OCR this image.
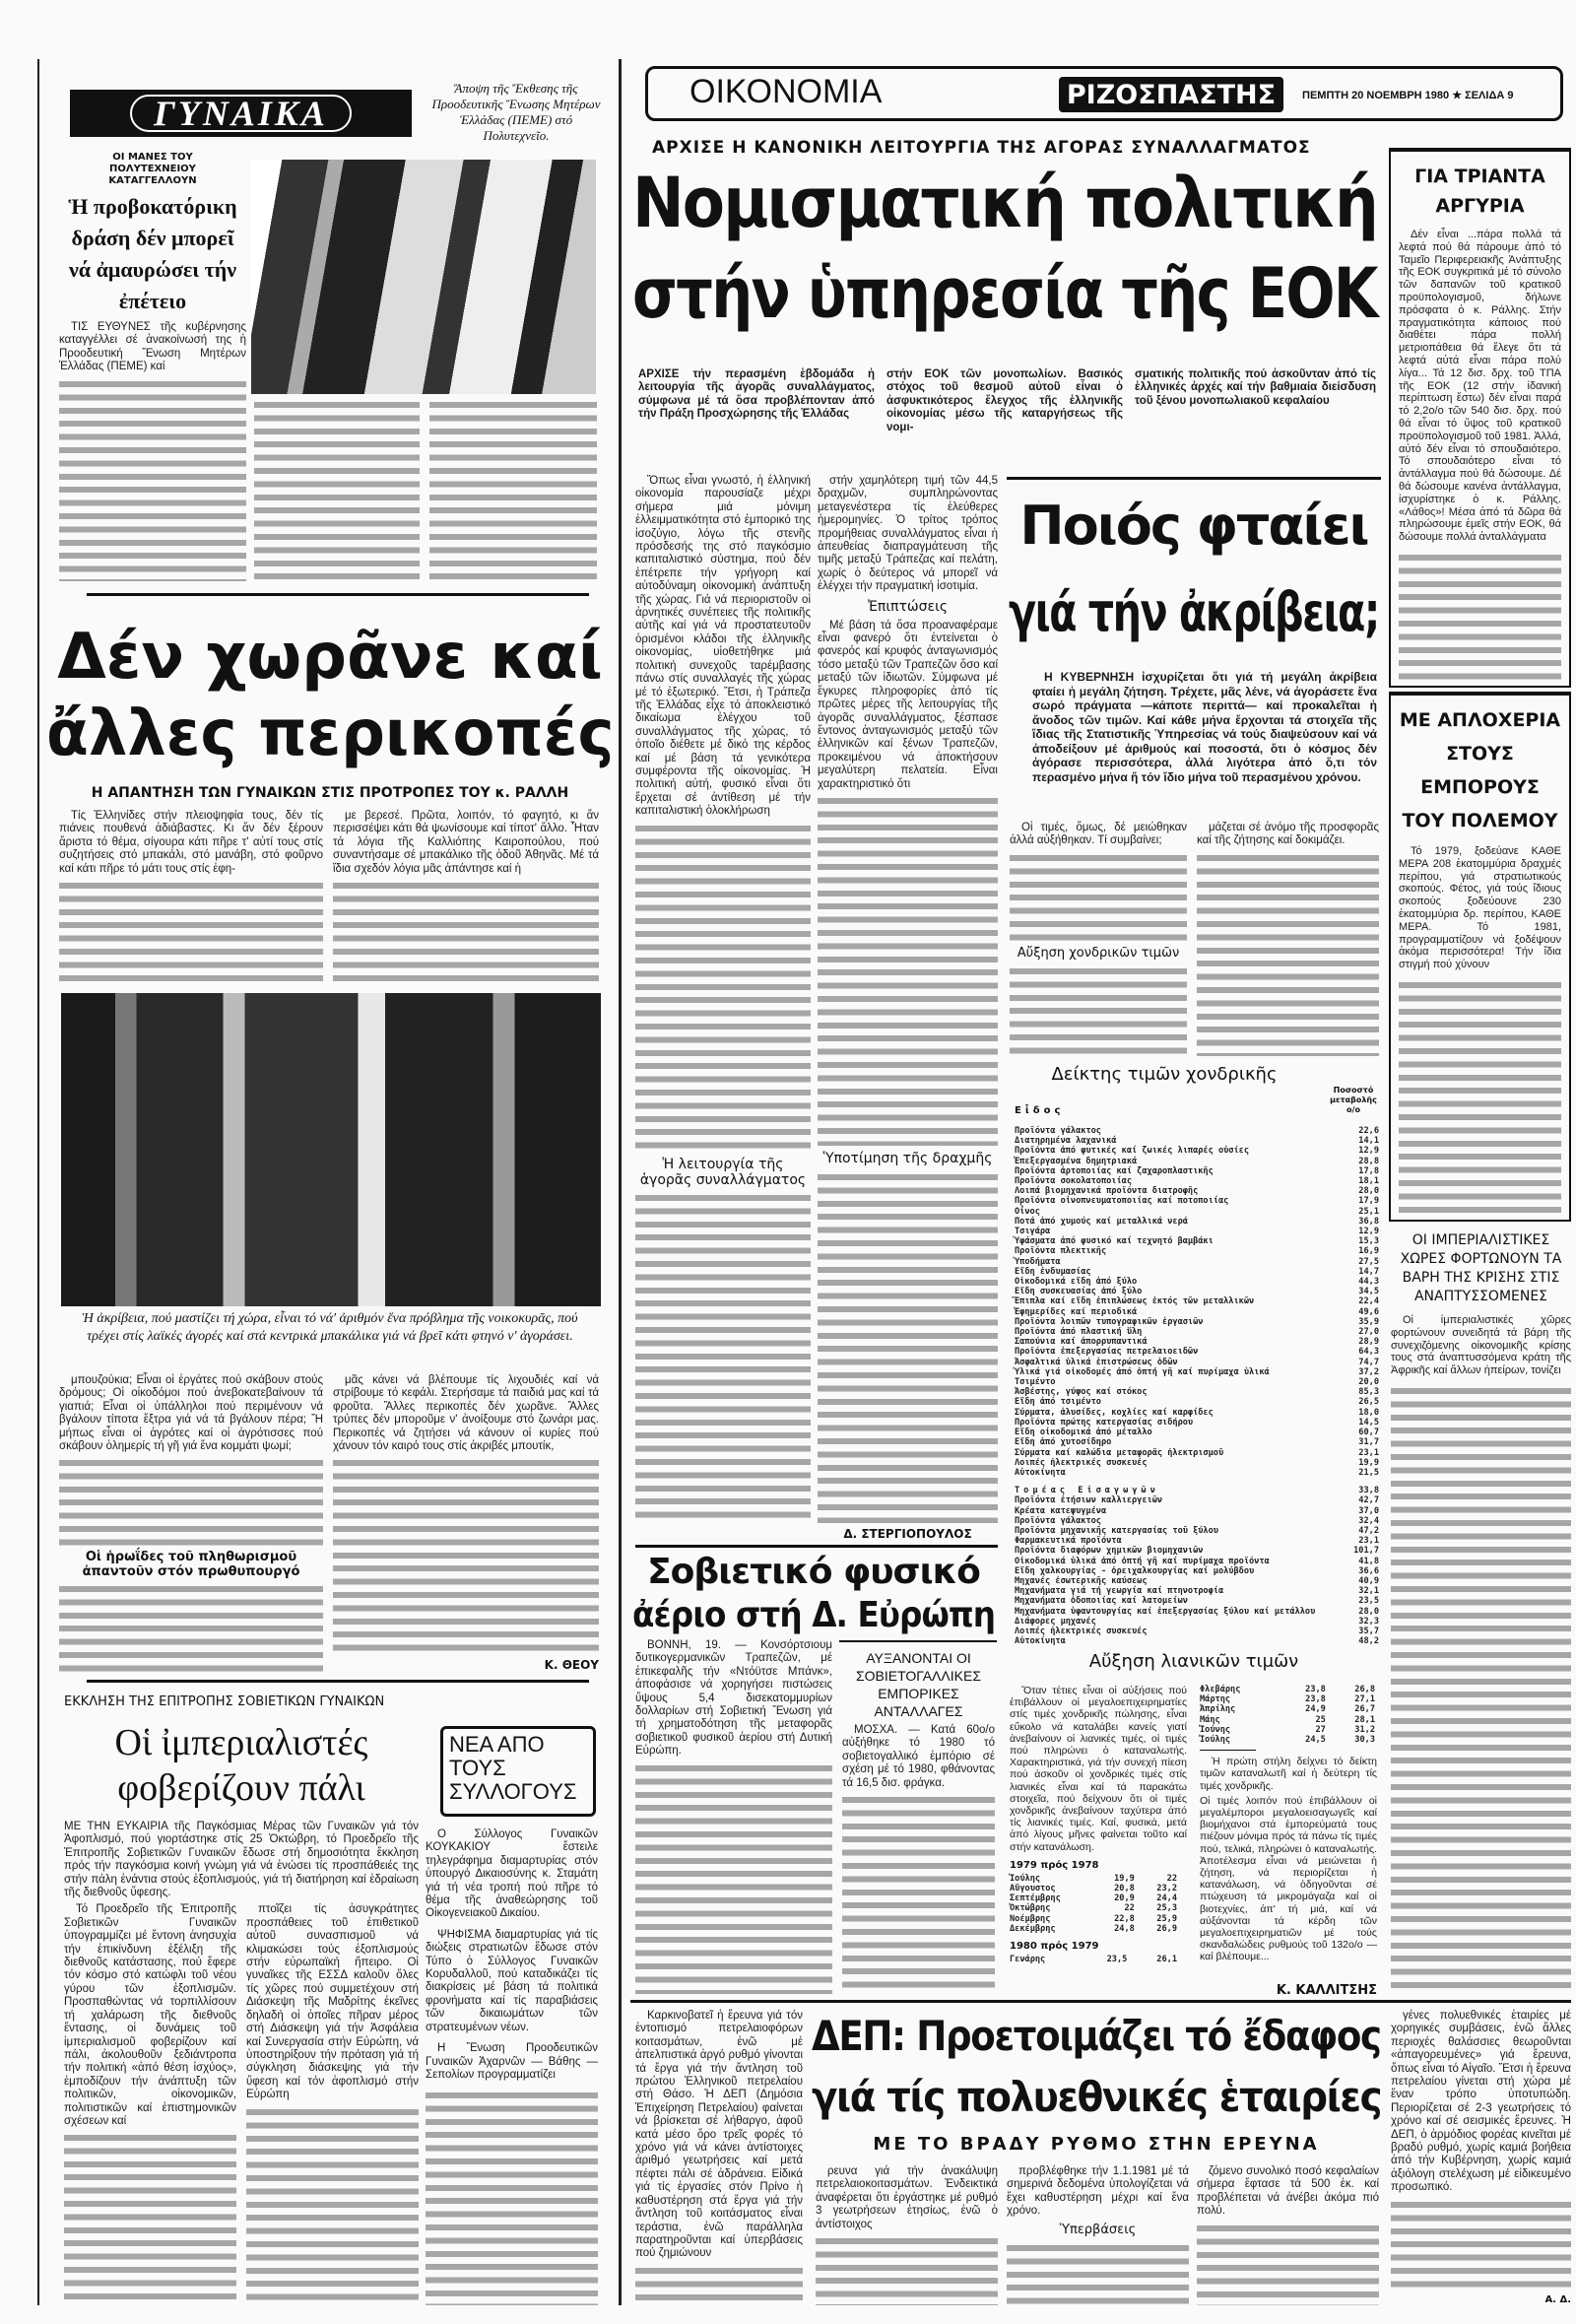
ΓΥΝΑΙΚΑ
Ἄποψη τῆς Ἔκθεσης τῆς Προοδευτικῆς Ἕνωσης Μητέρων Ἑλλάδας (ΠΕΜΕ) στό Πολυτεχνεῖο.
ΟΙ ΜΑΝΕΣ ΤΟΥ ΠΟΛΥΤΕΧΝΕΙΟΥ ΚΑΤΑΓΓΕΛΛΟΥΝ
Ἡ προβοκατόρικη δράση δέν μπορεῖ νά ἀμαυρώσει τήν ἐπέτειο
ΤΙΣ ΕΥΘΥΝΕΣ τῆς κυβέρνησης καταγγέλλει σέ ἀνακοίνωσή της ἡ Προοδευτική Ἕνωση Μητέρων Ἑλλάδας (ΠΕΜΕ) καί
Δέν χωρᾶνε καί
ἄλλες περικοπές
Η ΑΠΑΝΤΗΣΗ ΤΩΝ ΓΥΝΑΙΚΩΝ ΣΤΙΣ ΠΡΟΤΡΟΠΕΣ ΤΟΥ κ. ΡΑΛΛΗ
Τίς Ἑλληνίδες στήν πλειοψηφία τους, δέν τίς πιάνεις πουθενά ἀδιάβαστες. Κι ἄν δέν ξέρουν ἄριστα τό θέμα, σίγουρα κάτι πῆρε τ' αὐτί τους στίς συζητήσεις στό μπακάλι, στό μανάβη, στό φοῦρνο καί κάτι πῆρε τό μάτι τους στίς ἐφη-
με βερεσέ. Πρῶτα, λοιπόν, τό φαγητό, κι ἄν περισσέψει κάτι θά ψωνίσουμε καί τίποτ' ἄλλο. Ἦταν τά λόγια τῆς Καλλιόπης Καιροπούλου, πού συναντήσαμε σέ μπακάλικο τῆς ὁδοῦ Ἀθηνᾶς. Μέ τά ἴδια σχεδόν λόγια μᾶς ἀπάντησε καί ἡ
Ἡ ἀκρίβεια, πού μαστίζει τή χώρα, εἶναι τό νά' ἀριθμόν ἕνα πρόβλημα τῆς νοικοκυρᾶς, πού τρέχει στίς λαϊκές ἀγορές καί στά κεντρικά μπακάλικα γιά νά βρεῖ κάτι φτηνό ν' ἀγοράσει.
μπουζούκια; Εἶναι οἱ ἐργάτες πού σκάβουν στούς δρόμους; Οἱ οἰκοδόμοι πού ἀνεβοκατεβαίνουν τά γιαπιά; Εἶναι οἱ ὑπάλληλοι πού περιμένουν νά βγάλουν τίποτα ἔξτρα γιά νά τά βγάλουν πέρα; Ἤ μήπως εἶναι οἱ ἀγρότες καί οἱ ἀγρότισσες πού σκάβουν ὁλημερίς τή γῆ γιά ἕνα κομμάτι ψωμί;
Οἱ ἡρωΐδες τοῦ πληθωρισμοῦ ἀπαντοῦν στόν πρωθυπουργό
μᾶς κάνει νά βλέπουμε τίς λιχουδιές καί νά στρίβουμε τό κεφάλι. Στερήσαμε τά παιδιά μας καί τά φροῦτα. Ἄλλες περικοπές δέν χωρᾶνε. Ἄλλες τρύπες δέν μποροῦμε ν' ἀνοίξουμε στό ζωνάρι μας. Περικοπές νά ζητήσει νά κάνουν οἱ κυρίες πού χάνουν τόν καιρό τους στίς ἀκριβές μπουτίκ,
Κ. ΘΕΟΥ
ΕΚΚΛΗΣΗ ΤΗΣ ΕΠΙΤΡΟΠΗΣ ΣΟΒΙΕΤΙΚΩΝ ΓΥΝΑΙΚΩΝ
Οἱ ἰμπεριαλιστές φοβερίζουν πάλι
ΜΕ ΤΗΝ ΕΥΚΑΙΡΙΑ τῆς Παγκόσμιας Μέρας τῶν Γυναικῶν γιά τόν Ἀφοπλισμό, πού γιορτάστηκε στίς 25 Ὀκτώβρη, τό Προεδρεῖο τῆς Ἐπιτροπῆς Σοβιετικῶν Γυναικῶν ἔδωσε στή δημοσιότητα ἔκκληση πρός τήν παγκόσμια κοινή γνώμη γιά νά ἑνώσει τίς προσπάθειές της στήν πάλη ἐνάντια στούς ἐξοπλισμούς, γιά τή διατήρηση καί ἑδραίωση τῆς διεθνοῦς ὕφεσης.
Τό Προεδρεῖο τῆς Ἐπιτροπῆς Σοβιετικῶν Γυναικῶν ὑπογραμμίζει μέ ἔντονη ἀνησυχία τήν ἐπικίνδυνη ἐξέλιξη τῆς διεθνοῦς κατάστασης, πού ἔφερε τόν κόσμο στό κατώφλι τοῦ νέου γύρου τῶν ἐξοπλισμῶν. Προσπαθώντας νά τορπιλλίσουν τή χαλάρωση τῆς διεθνοῦς ἔντασης, οἱ δυνάμεις τοῦ ἰμπεριαλισμοῦ φοβερίζουν καί πάλι, ἀκολουθοῦν ξεδιάντροπα τήν πολιτική «ἀπό θέση ἰσχύος», ἐμποδίζουν τήν ἀνάπτυξη τῶν πολιτικῶν, οἰκονομικῶν, πολιτιστικῶν καί ἐπιστημονικῶν σχέσεων καί
πτοῖζει τίς ἀσυγκράτητες προσπάθειες τοῦ ἐπιθετικοῦ αὐτοῦ συνασπισμοῦ νά κλιμακώσει τούς ἐξοπλισμούς στήν εὐρωπαϊκή ἤπειρο. Οἱ γυναῖκες τῆς ΕΣΣΔ καλοῦν ὅλες τίς χῶρες πού συμμετέχουν στή Διάσκεψη τῆς Μαδρίτης ἐκεῖνες δηλαδή οἱ ὁποῖες πῆραν μέρος στή Διάσκεψη γιά τήν Ἀσφάλεια καί Συνεργασία στήν Εὐρώπη, νά ὑποστηρίξουν τήν πρόταση γιά τή σύγκληση διάσκεψης γιά τήν ὕφεση καί τόν ἀφοπλισμό στήν Εὐρώπη
ΝΕΑ ΑΠΟ ΤΟΥΣ ΣΥΛΛΟΓΟΥΣ
Ο Σύλλογος Γυναικῶν ΚΟΥΚΑΚΙΟΥ ἔστειλε τηλεγράφημα διαμαρτυρίας στόν ὑπουργό Δικαιοσύνης κ. Σταμάτη γιά τή νέα τροπή πού πῆρε τό θέμα τῆς ἀναθεώρησης τοῦ Οἰκογενειακοῦ Δικαίου.
ΨΗΦΙΣΜΑ διαμαρτυρίας γιά τίς διώξεις στρατιωτῶν ἔδωσε στόν Τύπο ὁ Σύλλογος Γυναικῶν Κορυδαλλοῦ, πού καταδικάζει τίς διακρίσεις μέ βάση τά πολιτικά φρονήματα καί τίς παραβιάσεις τῶν δικαιωμάτων τῶν στρατευμένων νέων.
Η Ἕνωση Προοδευτικῶν Γυναικῶν Ἀχαρνῶν — Βάθης — Σεπολίων προγραμματίζει
ΟΙΚΟΝΟΜΙΑ	ΡΙΖΟΣΠΑΣΤΗΣ ΠΕΜΠΤΗ 20 ΝΟΕΜΒΡΗ 1980 ★ ΣΕΛΙΔΑ 9
ΑΡΧΙΣΕ Η ΚΑΝΟΝΙΚΗ ΛΕΙΤΟΥΡΓΙΑ ΤΗΣ ΑΓΟΡΑΣ ΣΥΝΑΛΛΑΓΜΑΤΟΣ
Νομισματική πολιτική
στήν ὑπηρεσία τῆς ΕΟΚ
ΑΡΧΙΣΕ τήν περασμένη ἑβδομάδα ἡ λειτουργία τῆς ἀγορᾶς συναλλάγματος, σύμφωνα μέ τά ὅσα προβλέπονταν ἀπό τήν Πράξη Προσχώρησης τῆς Ἑλλάδας
στήν ΕΟΚ τῶν μονοπωλίων. Βασικός στόχος τοῦ θεσμοῦ αὐτοῦ εἶναι ὁ ἀσφυκτικότερος ἔλεγχος τῆς ἑλληνικῆς οἰκονομίας μέσω τῆς καταργήσεως τῆς νομι-
σματικής πολιτικῆς πού ἀσκοῦνταν ἀπό τίς ἑλληνικές ἀρχές καί τήν βαθμιαία διείσδυση τοῦ ξένου μονοπωλιακοῦ κεφαλαίου
Ὅπως εἶναι γνωστό, ἡ ἑλληνική οἰκονομία παρουσίαζε μέχρι σήμερα μιά μόνιμη ἐλλειμματικότητα στό ἐμπορικό της ἰσοζύγιο, λόγω τῆς στενῆς πρόσδεσής της στό παγκόσμιο καπιταλιστικό σύστημα, πού δέν ἐπέτρεπε τήν γρήγορη καί αὐτοδύναμη οἰκονομική ἀνάπτυξη τῆς χώρας. Γιά νά περιοριστοῦν οἱ ἀρνητικές συνέπειες τῆς πολιτικῆς αὐτῆς καί γιά νά προστατευτοῦν ὁρισμένοι κλάδοι τῆς ἑλληνικῆς οἰκονομίας, υἱοθετήθηκε μιά πολιτική συνεχοῦς ταρέμβασης πάνω στίς συναλλαγές τῆς χώρας μέ τό ἐξωτερικό. Ἔτσι, ἡ Τράπεζα τῆς Ἑλλάδας εἶχε τό ἀποκλειστικό δικαίωμα ἐλέγχου τοῦ συναλλάγματος τῆς χώρας, τό ὁποῖο διέθετε μέ δικό της κέρδος καί μέ βάση τά γενικότερα συμφέροντα τῆς οἰκονομίας. Ἡ πολιτική αὐτή, φυσικό εἶναι ὅτι ἔρχεται σέ ἀντίθεση μέ τήν καπιταλιστική ὁλοκλήρωση
Ἡ λειτουργία τῆς ἀγορᾶς συναλλάγματος
στήν χαμηλότερη τιμή τῶν 44,5 δραχμῶν, συμπληρώνοντας μεταγενέστερα τίς ἐλεύθερες ἡμερομηνίες. Ὁ τρίτος τρόπος προμήθειας συναλλάγματος εἶναι ἡ ἀπευθείας διαπραγμάτευση τῆς τιμῆς μεταξύ Τράπεζας καί πελάτη, χωρίς ὁ δεύτερος νά μπορεῖ νά ἐλέγχει τήν πραγματική ἰσοτιμία.
Ἐπιπτώσεις
Μέ βάση τά ὅσα προαναφέραμε εἶναι φανερό ὅτι ἐντείνεται ὁ φανερός καί κρυφός ἀνταγωνισμός τόσο μεταξύ τῶν Τραπεζῶν ὅσο καί μεταξύ τῶν ἰδιωτῶν. Σύμφωνα μέ ἔγκυρες πληροφορίες ἀπό τίς πρῶτες μέρες τῆς λειτουργίας τῆς ἀγορᾶς συναλλάγματος, ξέσπασε ἔντονος ἀνταγωνισμός μεταξύ τῶν ἑλληνικῶν καί ξένων Τραπεζῶν, προκειμένου νά ἀποκτήσουν μεγαλύτερη πελατεία. Εἶναι χαρακτηριστικό ὅτι
Ὑποτίμηση τῆς δραχμῆς
Δ. ΣΤΕΡΓΙΟΠΟΥΛΟΣ
Ποιός φταίει
γιά τήν ἀκρίβεια;
Η ΚΥΒΕΡΝΗΣΗ ἰσχυρίζεται ὅτι γιά τή μεγάλη ἀκρίβεια φταίει ἡ μεγάλη ζήτηση. Τρέχετε, μᾶς λένε, νά ἀγοράσετε ἕνα σωρό πράγματα —κάποτε περιττά— καί προκαλεῖται ἡ ἄνοδος τῶν τιμῶν. Καί κάθε μήνα ἔρχονται τά στοιχεῖα τῆς ἴδιας τῆς Στατιστικῆς Ὑπηρεσίας νά τούς διαψεύσουν καί νά ἀποδείξουν μέ ἀριθμούς καί ποσοστά, ὅτι ὁ κόσμος δέν ἀγόρασε περισσότερα, ἀλλά λιγότερα ἀπό ὅ,τι τόν περασμένο μήνα ἤ τόν ἴδιο μήνα τοῦ περασμένου χρόνου.
Οἱ τιμές, ὅμως, δέ μειώθηκαν ἀλλά αὐξήθηκαν. Τί συμβαίνει;
Αὔξηση χονδρικῶν τιμῶν
μάζεται σέ ἀνόμο τῆς προσφορᾶς καί τῆς ζήτησης καί δοκιμάζει.
Δείκτης τιμῶν χονδρικῆς
Ποσοστό μεταβολῆς ο/ο
Εἶδος
Προϊόντα γάλακτος	22,6
Διατηρημένα λαχανικά	14,1
Προϊόντα ἀπό φυτικές καί ζωικές λιπαρές οὐσίες	12,9
Ἐπεξεργασμένα δημητριακά	28,8
Προϊόντα ἀρτοποιίας καί ζαχαροπλαστικῆς	17,8
Προϊόντα σοκολατοποιίας	18,1
Λοιπά βιομηχανικά προϊόντα διατροφῆς	28,0
Προϊόντα οἰνοπνευματοποιίας καί ποτοποιίας	17,9
Οἶνος	25,1
Ποτά ἀπό χυμούς καί μεταλλικά νερά	36,8
Τσιγάρα	12,9
Ὑφάσματα ἀπό φυσικό καί τεχνητό βαμβάκι	15,3
Προϊόντα πλεκτικῆς	16,9
Ὑποδήματα	27,5
Εἴδη ἐνδυμασίας	14,7
Οἰκοδομικά εἴδη ἀπό ξύλο	44,3
Εἴδη συσκευασίας ἀπό ξύλο	34,5
Ἔπιπλα καί εἴδη ἐπιπλώσεως ἐκτός τῶν μεταλλικῶν	22,4
Ἐφημερίδες καί περιοδικά	49,6
Προϊόντα λοιπῶν τυπογραφικῶν ἐργασιῶν	35,9
Προϊόντα ἀπό πλαστική ὕλη	27,0
Σαπούνια καί ἀπορρυπαντικά	28,9
Προϊόντα ἐπεξεργασίας πετρελαιοειδῶν	64,3
Ἀσφαλτικά ὑλικά ἐπιστρώσεως ὁδῶν	74,7
Ὑλικά γιά οἰκοδομές ἀπό ὀπτή γῆ καί πυρίμαχα ὑλικά	37,2
Τσιμέντο	20,0
Ἀσβέστης, γύψος καί στόκος	85,3
Εἴδη ἀπό τσιμέντο	26,5
Σύρματα, ἁλυσίδες, κοχλίες καί καρφίδες	18,0
Προϊόντα πρώτης κατεργασίας σιδήρου	14,5
Εἴδη οἰκοδομικά ἀπό μέταλλο	60,7
Εἴδη ἀπό χυτοσίδηρο	31,7
Σύρματα καί καλώδια μεταφορᾶς ἠλεκτρισμοῦ	23,1
Λοιπές ἠλεκτρικές συσκευές	19,9
Αὐτοκίνητα	21,5
Τομέας Εἰσαγωγῶν	33,8
Προϊόντα ἐτήσιων καλλιεργειῶν	42,7
Κρέατα κατεψυγμένα	37,0
Προϊόντα γάλακτος	32,4
Προϊόντα μηχανικῆς κατεργασίας τοῦ ξύλου	47,2
Φαρμακευτικά προϊόντα	23,1
Προϊόντα διαφόρων χημικῶν βιομηχανιῶν	101,7
Οἰκοδομικά ὑλικά ἀπό ὀπτή γῆ καί πυρίμαχα προϊόντα	41,8
Εἴδη χαλκουργίας - ὀρειχαλκουργίας καί μολύβδου	36,6
Μηχανές ἐσωτερικῆς καύσεως	40,9
Μηχανήματα γιά τή γεωργία καί πτηνοτροφία	32,1
Μηχανήματα ὁδοποιίας καί λατομείων	23,5
Μηχανήματα ὑφαντουργίας καί ἐπεξεργασίας ξύλου καί μετάλλου	28,0
Διάφορες μηχανές	32,3
Λοιπές ἠλεκτρικές συσκευές	35,7
Αὐτοκίνητα	48,2
Αὔξηση λιανικῶν τιμῶν
Ὅταν τέτιες εἶναι οἱ αὐξήσεις πού ἐπιβάλλουν οἱ μεγαλοεπιχειρηματίες στίς τιμές χονδρικῆς πώλησης, εἶναι εὔκολο νά καταλάβει κανείς γιατί ἀνεβαίνουν οἱ λιανικές τιμές, οἱ τιμές πού πληρώνει ὁ καταναλωτής. Χαρακτηριστικά, γιά τήν συνεχή πίεση πού ἀσκοῦν οἱ χονδρικές τιμές στίς λιανικές εἶναι καί τά παρακάτω στοιχεῖα, πού δείχνουν ὅτι οἱ τιμές χονδρικῆς ἀνεβαίνουν ταχύτερα ἀπό τίς λιανικές τιμές. Καί, φυσικά, μετά ἀπό λίγους μῆνες φαίνεται τοῦτο καί στήν κατανάλωση.
1979 πρός 1978
Ἰούλης	19,9	22
Αὔγουστος	20,8	23,2
Σεπτέμβρης	20,9	24,4
Ὀκτώβρης	22	25,3
Νοέμβρης	22,8	25,9
Δεκέμβρης	24,8	26,9
1980 πρός 1979
Γενάρης	23,5	26,1
Φλεβάρης	23,8	26,8
Μάρτης	23,8	27,1
Ἀπρίλης	24,9	26,7
Μάης	25	28,1
Ἰούνης	27	31,2
Ἰούλης	24,5	30,3
Ἡ πρώτη στήλη δείχνει τό δείκτη τιμῶν καταναλωτῆ καί ἡ δεύτερη τίς τιμές χονδρικῆς.
Οἱ τιμές λοιπόν πού ἐπιβάλλουν οἱ μεγαλέμποροι μεγαλοεισαγωγεῖς καί βιομήχανοι στά ἐμπορεύματά τους πιέζουν μόνιμα πρός τά πάνω τίς τιμές πού, τελικά, πληρώνει ὁ καταναλωτής. Ἀποτέλεσμα εἶναι νά μειώνεται ἡ ζήτηση, νά περιορίζεται ἡ κατανάλωση, νά ὁδηγοῦνται σέ πτώχευση τά μικρομάγαζα καί οἱ βιοτεχνίες, ἀπ' τή μιά, καί νά αὐξάνονται τά κέρδη τῶν μεγαλοεπιχειρηματιῶν μέ τούς σκανδαλώδεις ρυθμούς τοῦ 132ο/ο — καί βλέπουμε...
Κ. ΚΑΛΛΙΤΣΗΣ
Σοβιετικό φυσικό
ἀέριο στή Δ. Εὐρώπη
ΒΟΝΝΗ, 19. — Κονσόρτσιουμ δυτικογερμανικῶν Τραπεζῶν, μέ ἐπικεφαλῆς τήν «Ντόϋτσε Μπάνκ», ἀποφάσισε νά χορηγήσει πιστώσεις ὕψους 5,4 δισεκατομμυρίων δολλαρίων στή Σοβιετική Ἕνωση γιά τή χρηματοδότηση τῆς μεταφορᾶς σοβιετικοῦ φυσικοῦ ἀερίου στή Δυτική Εὐρώπη.
ΑΥΞΑΝΟΝΤΑΙ ΟΙ ΣΟΒΙΕΤΟΓΑΛΛΙΚΕΣ ΕΜΠΟΡΙΚΕΣ ΑΝΤΑΛΛΑΓΕΣ
ΜΟΣΧΑ. — Κατά 60ο/ο αὐξήθηκε τό 1980 τό σοβιετογαλλικό ἐμπόριο σέ σχέση μέ τό 1980, φθάνοντας τά 16,5 δισ. φράγκα.
Καρκινοβατεῖ ἡ ἔρευνα γιά τόν ἐντοπισμό πετρελαιοφόρων κοιτασμάτων, ἐνῶ μέ ἀπελπιστικά ἀργό ρυθμό γίνονται τά ἔργα γιά τήν ἄντληση τοῦ πρώτου Ἑλληνικοῦ πετρελαίου στή Θάσο. Ἡ ΔΕΠ (Δημόσια Ἐπιχείρηση Πετρελαίου) φαίνεται νά βρίσκεται σέ λήθαργο, ἀφοῦ κατά μέσο ὅρο τρεῖς φορές τό χρόνο γιά νά κάνει ἀντίστοιχες ἀριθμό γεωτρήσεις καί μετά πέφτει πάλι σέ ἀδράνεια. Εἰδικά γιά τίς ἐργασίες στόν Πρίνο ἡ καθυστέρηση στά ἔργα γιά τήν ἄντληση τοῦ κοιτάσματος εἶναι τεράστια, ἐνῶ παράλληλα παρατηροῦνται καί ὑπερβάσεις πού ζημιώνουν
ΔΕΠ: Προετοιμάζει τό ἔδαφος
γιά τίς πολυεθνικές ἑταιρίες
ΜΕ ΤΟ ΒΡΑΔΥ ΡΥΘΜΟ ΣΤΗΝ ΕΡΕΥΝΑ
ρευνα γιά τήν ἀνακάλυψη πετρελαιοκοιτασμάτων. Ἐνδεικτικά ἀναφέρεται ὅτι ἐργάστηκε μέ ρυθμό 3 γεωτρήσεων ἐτησίως, ἐνῶ ὁ ἀντίστοιχος
προβλέφθηκε τήν 1.1.1981 μέ τά σημερινά δεδομένα ὑπολογίζεται νά ἔχει καθυστέρηση μέχρι καί ἕνα χρόνο.
Ὑπερβάσεις
ζόμενο συνολικό ποσό κεφαλαίων σήμερα ἔφτασε τά 500 ἐκ. καί προβλέπεται νά ἀνέβει ἀκόμα πιό πολύ.
γένες πολυεθνικές ἑταιρίες μέ χορηγικές συμβάσεις, ἐνῶ ἄλλες περιοχές θαλάσσιες θεωροῦνται «ἀπαγορευμένες» γιά ἔρευνα, ὅπως εἶναι τό Αἰγαῖο. Ἔτσι ἡ ἔρευνα πετρελαίου γίνεται στή χώρα μέ ἕναν τρόπο ὑποτυπώδη. Περιορίζεται σέ 2-3 γεωτρήσεις τό χρόνο καί σέ σεισμικές ἔρευνες. Ἡ ΔΕΠ, ὁ ἁρμόδιος φορέας κινεῖται μέ βραδύ ρυθμό, χωρίς καμιά βοήθεια ἀπό τήν Κυβέρνηση, χωρίς καμιά ἀξιόλογη στελέχωση μέ εἰδικευμένο προσωπικό.
Α. Δ.
ΓΙΑ ΤΡΙΑΝΤΑ ΑΡΓΥΡΙΑ
Δέν εἶναι ...πάρα πολλά τά λεφτά πού θά πάρουμε ἀπό τό Ταμεῖο Περιφερειακῆς Ἀνάπτυξης τῆς ΕΟΚ συγκριτικά μέ τό σύνολο τῶν δαπανῶν τοῦ κρατικοῦ προϋπολογισμοῦ, δήλωνε πρόσφατα ὁ κ. Ράλλης. Στήν πραγματικότητα κάποιος πού διαθέτει πάρα πολλή μετριοπάθεια θά ἔλεγε ὅτι τά λεφτά αὐτά εἶναι πάρα πολύ λίγα... Τά 12 δισ. δρχ. τοῦ ΤΠΑ τῆς ΕΟΚ (12 στήν ἰδανική περίπτωση ἔστω) δέν εἶναι παρά τό 2,2ο/ο τῶν 540 δισ. δρχ. πού θά εἶναι τό ὕψος τοῦ κρατικοῦ προϋπολογισμοῦ τοῦ 1981. Ἀλλά, αὐτό δέν εἶναι τό σπουδαιότερο. Τό σπουδαιότερο εἶναι τό ἀντάλλαγμα πού θά δώσουμε. Δέ θά δώσουμε κανένα ἀντάλλαγμα, ἰσχυρίστηκε ὁ κ. Ράλλης. «Λάθος»! Μέσα ἀπό τά δῶρα θά πληρώσουμε ἐμεῖς στήν ΕΟΚ, θά δώσουμε πολλά ἀνταλλάγματα
ΜΕ ΑΠΛΟΧΕΡΙΑ ΣΤΟΥΣ ΕΜΠΟΡΟΥΣ ΤΟΥ ΠΟΛΕΜΟΥ
Τό 1979, ξοδεύανε ΚΑΘΕ ΜΕΡΑ 208 ἑκατομμύρια δραχμές περίπου, γιά στρατιωτικούς σκοπούς. Φέτος, γιά τούς ἴδιους σκοπούς ξοδεύουνε 230 ἑκατομμύρια δρ. περίπου, ΚΑΘΕ ΜΕΡΑ. Τό 1981, προγραμματίζουν νά ξοδέψουν ἀκόμα περισσότερα! Τήν ἴδια στιγμή πού χύνουν
ΟΙ ΙΜΠΕΡΙΑΛΙΣΤΙΚΕΣ ΧΩΡΕΣ ΦΟΡΤΩΝΟΥΝ ΤΑ ΒΑΡΗ ΤΗΣ ΚΡΙΣΗΣ ΣΤΙΣ ΑΝΑΠΤΥΣΣΟΜΕΝΕΣ
Οἱ ἰμπεριαλιστικές χῶρες φορτώνουν συνειδητά τά βάρη τῆς συνεχιζόμενης οἰκονομικῆς κρίσης τους στά ἀναπτυσσόμενα κράτη τῆς Ἀφρικῆς καί ἄλλων ἠπείρων, τονίζει
